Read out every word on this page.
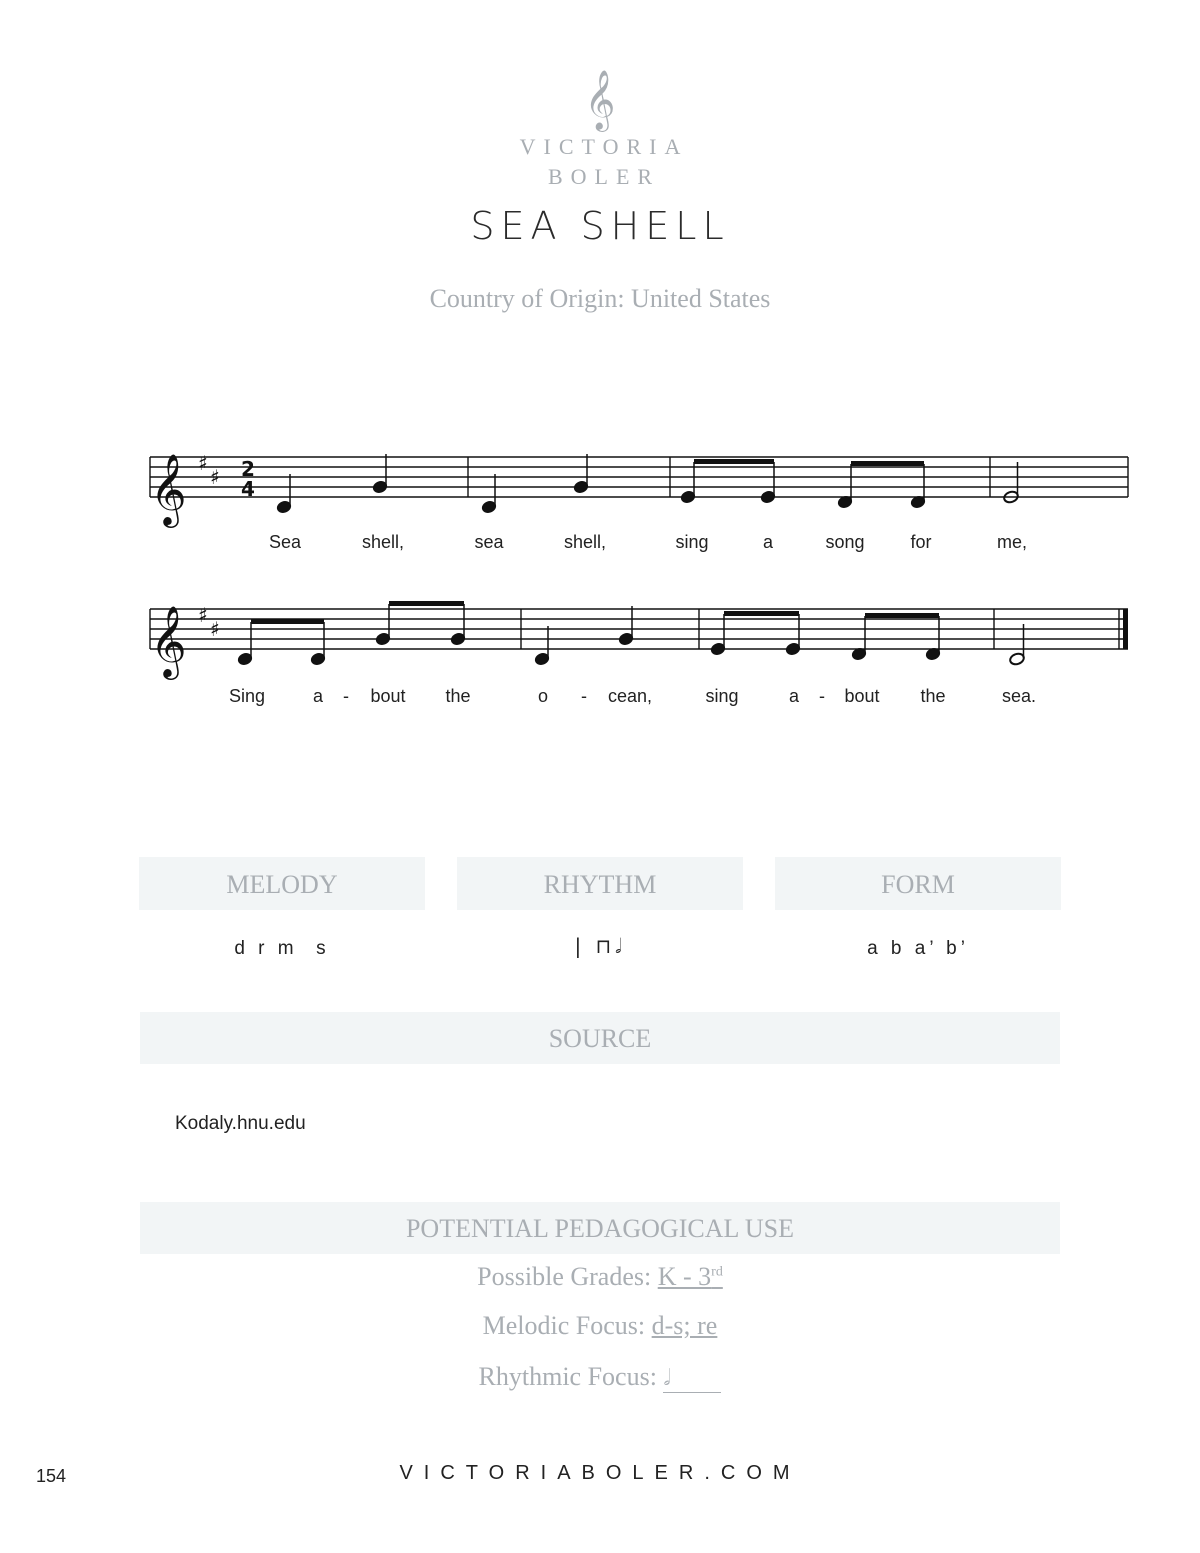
𝄞
VICTORIA
BOLER
SEA SHELL
Country of Origin: United States
𝄞 ♯
♯ 2
4
Sea	shell,	sea	shell,	sing	a	song	for	me,
𝄞 ♯
♯
Sing	a - bout the	o - cean,	sing	a - bout the	sea.
MELODY	RHYTHM	FORM
d r m  s	| ⊓𝅗𝅥	a b a’ b’
SOURCE
Kodaly.hnu.edu
POTENTIAL PEDAGOGICAL USE
Possible Grades: K - 3rd
Melodic Focus: d-s; re
Rhythmic Focus: 𝅗𝅥
154	VICTORIABOLER.COM
